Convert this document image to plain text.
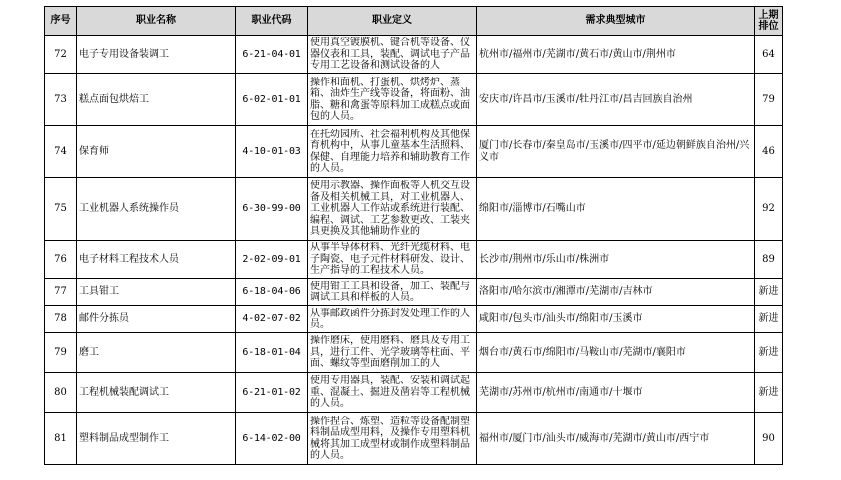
序号	职业名称	职业代码	职业定义	需求典型城市	上期排位
72	电子专用设备装调工	6-21-04-01	使用真空镀膜机、键合机等设备、仪器仪表和工具，装配、调试电子产品专用工艺设备和测试设备的人	杭州市/福州市/芜湖市/黄石市/黄山市/荆州市	64
73	糕点面包烘焙工	6-02-01-01	操作和面机、打蛋机、烘烤炉、蒸箱、油炸生产线等设备，将面粉、油脂、糖和禽蛋等原料加工成糕点或面包的人员。	安庆市/许昌市/玉溪市/牡丹江市/昌吉回族自治州	79
74	保育师	4-10-01-03	在托幼园所、社会福利机构及其他保育机构中，从事儿童基本生活照料、保健、自理能力培养和辅助教育工作的人员。	厦门市/长春市/秦皇岛市/玉溪市/四平市/延边朝鲜族自治州/兴义市	46
75	工业机器人系统操作员	6-30-99-00	使用示教器、操作面板等人机交互设备及相关机械工具，对工业机器人、工业机器人工作站或系统进行装配、编程、调试、工艺参数更改、工装夹具更换及其他辅助作业的	绵阳市/淄博市/石嘴山市	92
76	电子材料工程技术人员	2-02-09-01	从事半导体材料、光纤光缆材料、电子陶瓷、电子元件材料研发、设计、生产指导的工程技术人员。	长沙市/荆州市/乐山市/株洲市	89
77	工具钳工	6-18-04-06	使用钳工工具和设备，加工、装配与调试工具和样板的人员。	洛阳市/哈尔滨市/湘潭市/芜湖市/吉林市	新进
78	邮件分拣员	4-02-07-02	从事邮政函件分拣封发处理工作的人员。	咸阳市/包头市/汕头市/绵阳市/玉溪市	新进
79	磨工	6-18-01-04	操作磨床，使用磨料、磨具及专用工具，进行工件、光学玻璃等柱面、平面、螺纹等型面磨削加工的人	烟台市/黄石市/绵阳市/马鞍山市/芜湖市/襄阳市	新进
80	工程机械装配调试工	6-21-01-02	使用专用器具，装配、安装和调试起重、混凝土、掘进及凿岩等工程机械的人员。	芜湖市/苏州市/杭州市/南通市/十堰市	新进
81	塑料制品成型制作工	6-14-02-00	操作捏合、炼塑、造粒等设备配制塑料制品成型用料，及操作专用塑料机械将其加工成型材或制作成塑料制品的人员。	福州市/厦门市/汕头市/威海市/芜湖市/黄山市/西宁市	90
